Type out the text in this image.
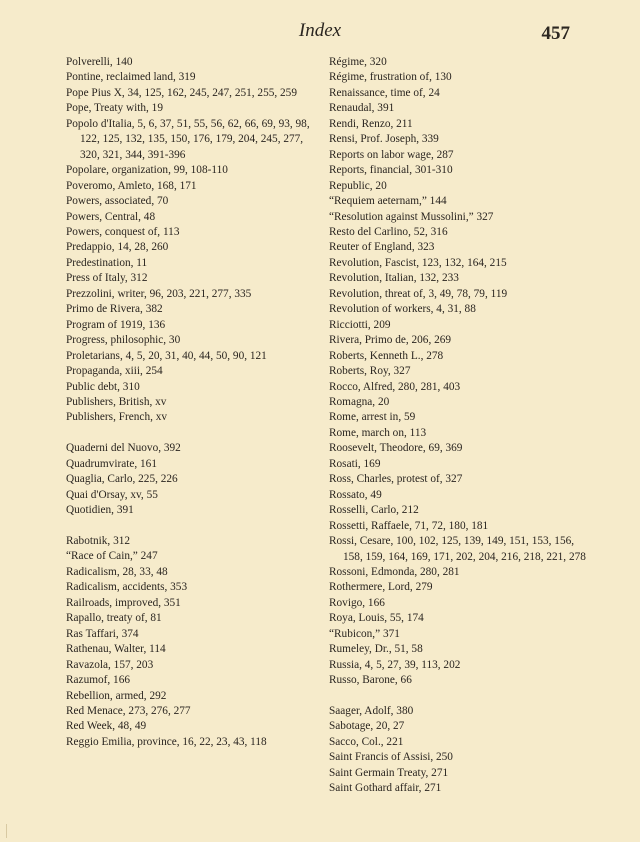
Index	457
Polverelli, 140
Pontine, reclaimed land, 319
Pope Pius X, 34, 125, 162, 245, 247, 251, 255, 259
Pope, Treaty with, 19
Popolo d'Italia, 5, 6, 37, 51, 55, 56, 62, 66, 69, 93, 98, 122, 125, 132, 135, 150, 176, 179, 204, 245, 277, 320, 321, 344, 391-396
Popolare, organization, 99, 108-110
Poveromo, Amleto, 168, 171
Powers, associated, 70
Powers, Central, 48
Powers, conquest of, 113
Predappio, 14, 28, 260
Predestination, 11
Press of Italy, 312
Prezzolini, writer, 96, 203, 221, 277, 335
Primo de Rivera, 382
Program of 1919, 136
Progress, philosophic, 30
Proletarians, 4, 5, 20, 31, 40, 44, 50, 90, 121
Propaganda, xiii, 254
Public debt, 310
Publishers, British, xv
Publishers, French, xv
Quaderni del Nuovo, 392
Quadrumvirate, 161
Quaglia, Carlo, 225, 226
Quai d'Orsay, xv, 55
Quotidien, 391
Rabotnik, 312
“Race of Cain,” 247
Radicalism, 28, 33, 48
Radicalism, accidents, 353
Railroads, improved, 351
Rapallo, treaty of, 81
Ras Taffari, 374
Rathenau, Walter, 114
Ravazola, 157, 203
Razumof, 166
Rebellion, armed, 292
Red Menace, 273, 276, 277
Red Week, 48, 49
Reggio Emilia, province, 16, 22, 23, 43, 118
Régime, 320
Régime, frustration of, 130
Renaissance, time of, 24
Renaudal, 391
Rendi, Renzo, 211
Rensi, Prof. Joseph, 339
Reports on labor wage, 287
Reports, financial, 301-310
Republic, 20
“Requiem aeternam,” 144
“Resolution against Mussolini,” 327
Resto del Carlino, 52, 316
Reuter of England, 323
Revolution, Fascist, 123, 132, 164, 215
Revolution, Italian, 132, 233
Revolution, threat of, 3, 49, 78, 79, 119
Revolution of workers, 4, 31, 88
Ricciotti, 209
Rivera, Primo de, 206, 269
Roberts, Kenneth L., 278
Roberts, Roy, 327
Rocco, Alfred, 280, 281, 403
Romagna, 20
Rome, arrest in, 59
Rome, march on, 113
Roosevelt, Theodore, 69, 369
Rosati, 169
Ross, Charles, protest of, 327
Rossato, 49
Rosselli, Carlo, 212
Rossetti, Raffaele, 71, 72, 180, 181
Rossi, Cesare, 100, 102, 125, 139, 149, 151, 153, 156, 158, 159, 164, 169, 171, 202, 204, 216, 218, 221, 278
Rossoni, Edmonda, 280, 281
Rothermere, Lord, 279
Rovigo, 166
Roya, Louis, 55, 174
“Rubicon,” 371
Rumeley, Dr., 51, 58
Russia, 4, 5, 27, 39, 113, 202
Russo, Barone, 66
Saager, Adolf, 380
Sabotage, 20, 27
Sacco, Col., 221
Saint Francis of Assisi, 250
Saint Germain Treaty, 271
Saint Gothard affair, 271
